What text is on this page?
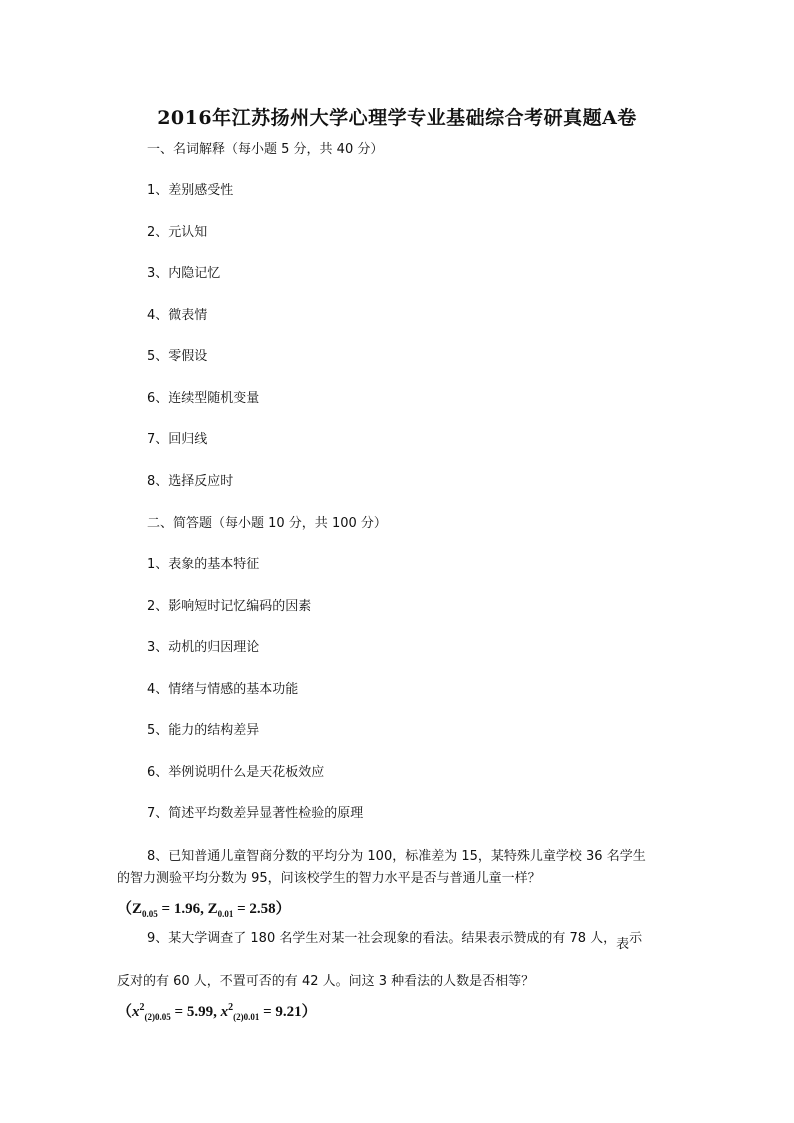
2016年江苏扬州大学心理学专业基础综合考研真题A卷
一、名词解释（每小题 5 分，共 40 分）
1、差别感受性
2、元认知
3、内隐记忆
4、微表情
5、零假设
6、连续型随机变量
7、回归线
8、选择反应时
二、简答题（每小题 10 分，共 100 分）
1、表象的基本特征
2、影响短时记忆编码的因素
3、动机的归因理论
4、情绪与情感的基本功能
5、能力的结构差异
6、举例说明什么是天花板效应
7、简述平均数差异显著性检验的原理
8、已知普通儿童智商分数的平均分为 100，标准差为 15，某特殊儿童学校 36 名学生
的智力测验平均分数为 95，问该校学生的智力水平是否与普通儿童一样？
（$Z_{0.05} = 1.96$, $Z_{0.01} = 2.58$）
9、某大学调查了 180 名学生对某一社会现象的看法。结果表示赞成的有 78 人，表示
反对的有 60 人，不置可否的有 42 人。问这 3 种看法的人数是否相等？
（$x^2_{(2)0.05} = 5.99$, $x^2_{(2)0.01} = 9.21$）
